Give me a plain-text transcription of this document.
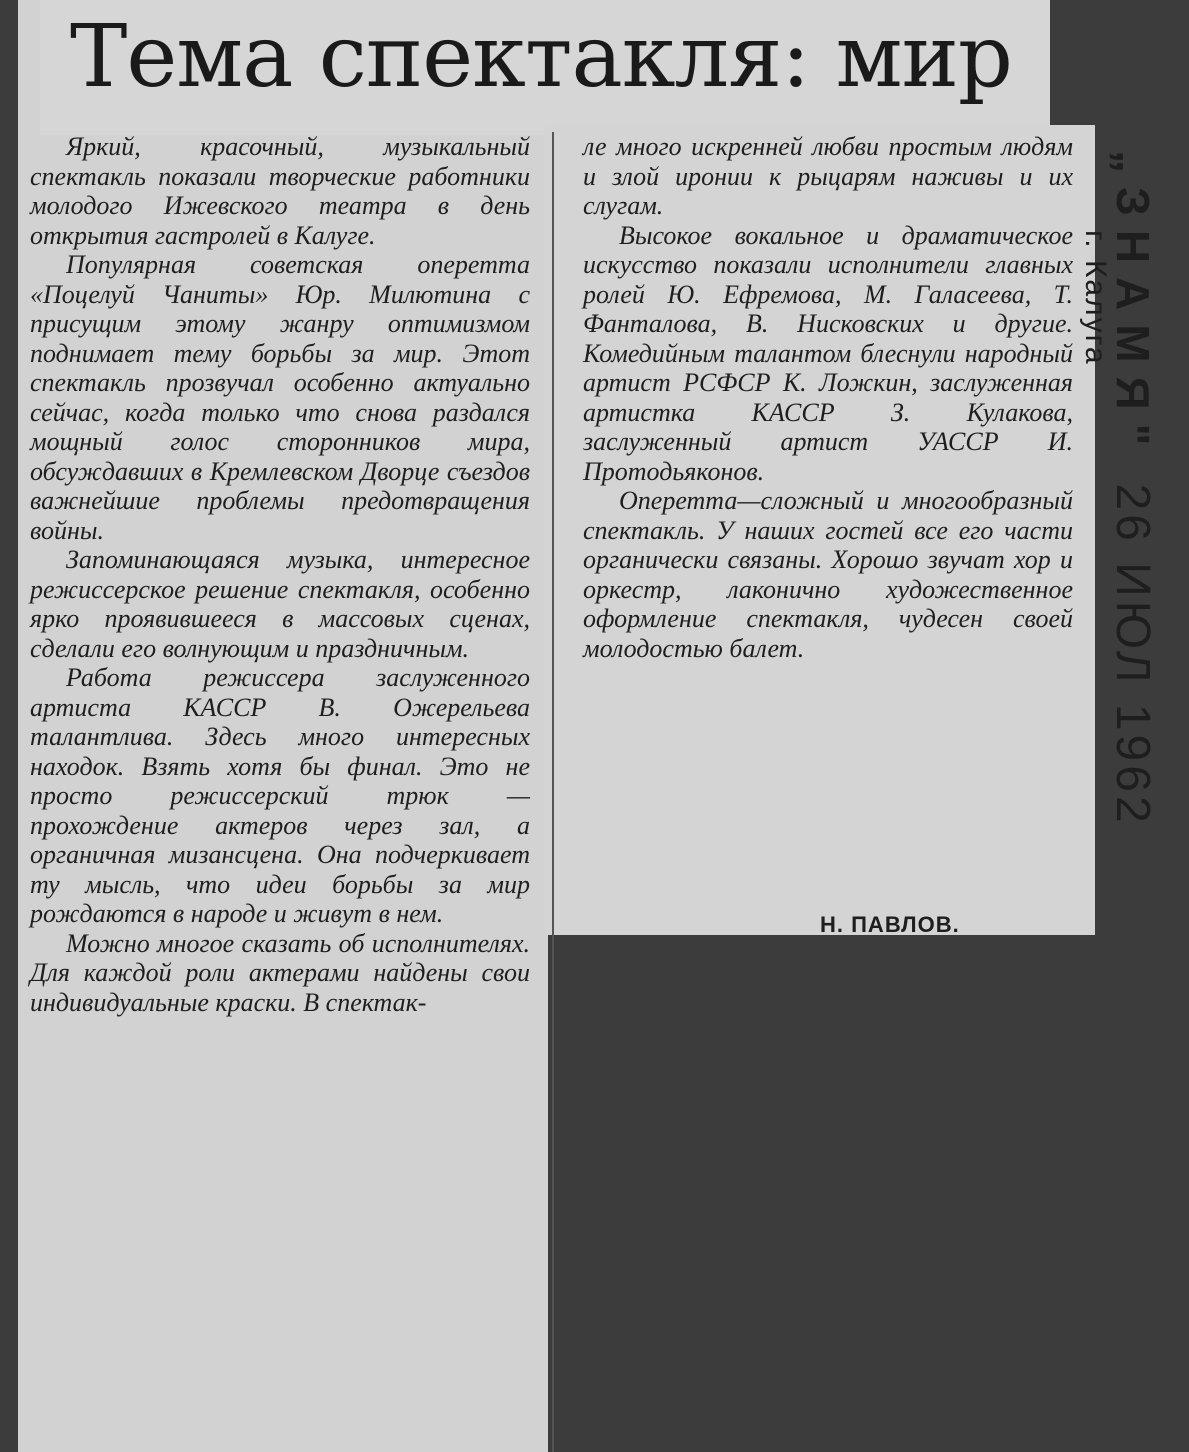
Тема спектакля: мир

Яркий, красочный, музыкальный спектакль показали творческие работники молодого Ижевского театра в день открытия гастролей в Калуге.

Популярная советская оперетта «Поцелуй Чаниты» Юр. Милютина с присущим этому жанру оптимизмом поднимает тему борьбы за мир. Этот спектакль прозвучал особенно актуально сейчас, когда только что снова раздался мощный голос сторонников мира, обсуждавших в Кремлевском Дворце съездов важнейшие проблемы предотвращения войны.

Запоминающаяся музыка, интересное режиссерское решение спектакля, особенно ярко проявившееся в массовых сценах, сделали его волнующим и праздничным.

Работа режиссера заслуженного артиста КАССР В. Ожерельева талантлива. Здесь много интересных находок. Взять хотя бы финал. Это не просто режиссерский трюк — прохождение актеров через зал, а органичная мизансцена. Она подчеркивает ту мысль, что идеи борьбы за мир рождаются в народе и живут в нем.

Можно многое сказать об исполнителях. Для каждой роли актерами найдены свои индивидуальные краски. В спектак-

ле много искренней любви простым людям и злой иронии к рыцарям наживы и их слугам.

Высокое вокальное и драматическое искусство показали исполнители главных ролей Ю. Ефремова, М. Галасеева, Т. Фанталова, В. Нисковских и другие. Комедийным талантом блеснули народный артист РСФСР К. Ложкин, заслуженная артистка КАССР З. Кулакова, заслуженный артист УАССР И. Протодьяконов.

Оперетта—сложный и многообразный спектакль. У наших гостей все его части органически связаны. Хорошо звучат хор и оркестр, лаконично художественное оформление спектакля, чудесен своей молодостью балет.

Н. ПАВЛОВ.
„ЗНАМЯ"26 ИЮЛ 1962
г. Калуга
